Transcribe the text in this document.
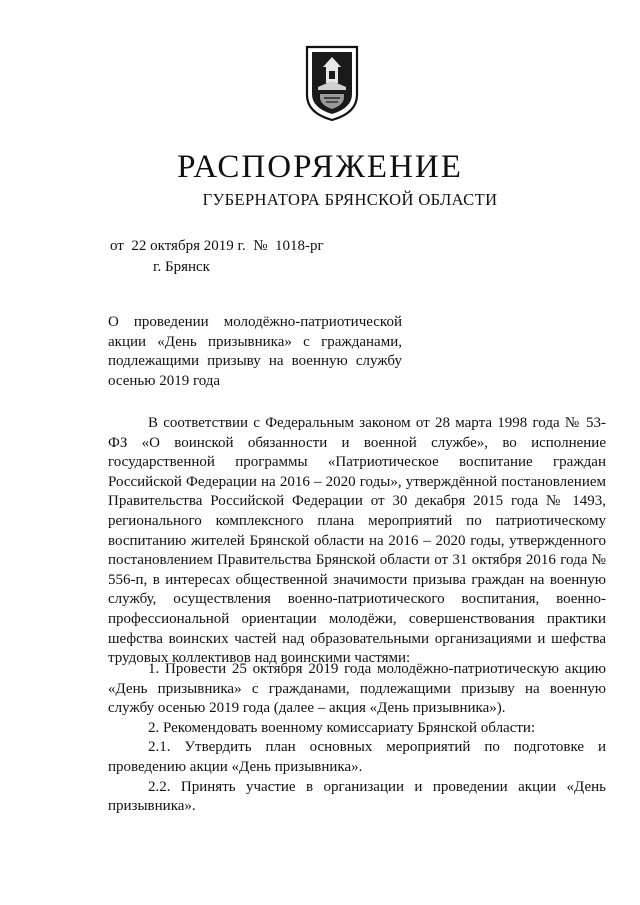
РАСПОРЯЖЕНИЕ
ГУБЕРНАТОРА БРЯНСКОЙ ОБЛАСТИ
от  22 октября 2019 г.  №  1018-рг
г. Брянск
О проведении молодёжно-патриотической акции «День призывника» с гражданами, подлежащими призыву на военную службу осенью 2019 года

В соответствии с Федеральным законом от 28 марта 1998 года № 53-ФЗ «О воинской обязанности и военной службе», во исполнение государственной программы «Патриотическое воспитание граждан Российской Федерации на 2016 – 2020 годы», утверждённой постановлением Правительства Российской Федерации от 30 декабря 2015 года № 1493, регионального комплексного плана мероприятий по патриотическому воспитанию жителей Брянской области на 2016 – 2020 годы, утвержденного постановлением Правительства Брянской области от 31 октября 2016 года № 556-п, в интересах общественной значимости призыва граждан на военную службу, осуществления военно-патриотического воспитания, военно-профессиональной ориентации молодёжи, совершенствования практики шефства воинских частей над образовательными организациями и шефства трудовых коллективов над воинскими частями:

1. Провести 25 октября 2019 года молодёжно-патриотическую акцию «День призывника» с гражданами, подлежащими призыву на военную службу осенью 2019 года (далее – акция «День призывника»).

2. Рекомендовать военному комиссариату Брянской области:

2.1. Утвердить план основных мероприятий по подготовке и проведению акции «День призывника».

2.2. Принять участие в организации и проведении акции «День призывника».
